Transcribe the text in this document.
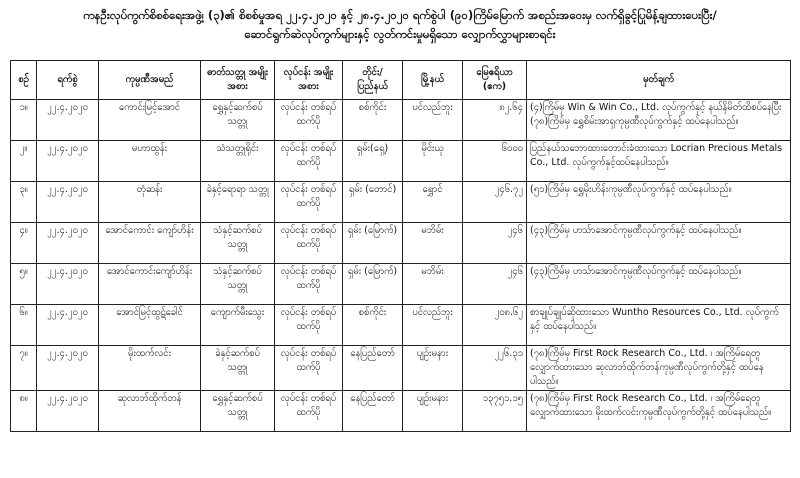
ကနဦးလုပ်ကွက်စိစစ်ရေးအဖွဲ့၊ (၃)၏ စိစစ်မှုအရ ၂၂.၄.၂၀၂၀ နှင့် ၂၈.၄.၂၀၂၀ ရက်စွဲပါ (၉၀)ကြိမ်မြောက် အစည်းအဝေးမှ လက်ရှိခွင့်ပြုမိန့်ချထားပေးပြီး/
ဆောင်ရွက်ဆဲလုပ်ကွက်များနှင့် လွတ်ကင်းမှုမရှိသော လျှောက်လွှာများစာရင်း
စဉ်	ရက်စွဲ	ကုမ္ပဏီအမည်	ဓာတ်သတ္တု အမျိုးအစား	လုပ်ငန်း အမျိုးအစား	တိုင်း/ ပြည်နယ်	မြို့နယ်	မြေဧရိယာ (ဧက)	မှတ်ချက်
၁။	၂၂.၄.၂၀၂၀	ကောင်းမြင့်အောင်	ရွှေနှင့်ဆက်စပ် သတ္တု	လုပ်ငန်း တစ်ရပ်ထက်ပို	စစ်ကိုင်း	ပင်လည်ဘူး	၈၂.၆၄	(၄)ကြိမ်မှ Win & Win Co., Ltd. လုပ်ကွက်နှင့် နယ်နိမိတ်ထိစပ်နေပြီး (၇၈)ကြိမ်မှ ရွှေစိမ်းအာရှကုမ္ပဏီလုပ်ကွက်နှင့် ထပ်နေပါသည်။
၂။	၂၂.၄.၂၀၂၀	မဟာထွန်း	သံသတ္တုရိုင်း	လုပ်ငန်း တစ်ရပ်ထက်ပို	ရှမ်း(ရှေ့)	မိုင်းယု	၆၀၀၀	ပြည်နယ်သဘောထားတောင်းခံထားသော Locrian Precious Metals Co., Ltd. လုပ်ကွက်နှင့်ထပ်နေပါသည်။
၃။	၂၂.၄.၂၀၂၀	တုံဆန်း	ခဲနှင့်ရောရာ သတ္တု	လုပ်ငန်း တစ်ရပ်ထက်ပို	ရှမ်း (တောင်)	ရွှောင်	၂၄၆.၇၂	(၅၁)ကြိမ်မှ ရွှေမိုးဟိန်းကုမ္ပဏီလုပ်ကွက်နှင့် ထပ်နေပါသည်။
၄။	၂၂.၄.၂၀၂၀	အောင်ကောင်း ကျော်ဟိန်း	သံနှင့်ဆက်စပ် သတ္တု	လုပ်ငန်း တစ်ရပ်ထက်ပို	ရှမ်း (မြောက်)	မဘိမ်း	၂၄၆	(၄၃)ကြိမ်မှ ဟသ်ာအောင်ကုမ္ပဏီလုပ်ကွက်နှင့် ထပ်နေပါသည်။
၅။	၂၂.၄.၂၀၂၀	အောင်ကောင်းကျော်ဟိန်း	သံနှင့်ဆက်စပ် သတ္တု	လုပ်ငန်း တစ်ရပ်ထက်ပို	ရှမ်း (မြောက်)	မဘိမ်း	၂၄၆	(၄၃)ကြိမ်မှ ဟသ်ာအောင်ကုမ္ပဏီလုပ်ကွက်နှင့် ထပ်နေပါသည်။
၆။	၂၂.၄.၂၀၂၀	အောင်မြင့်ထွဋ်ခေါင်	ကျောက်မီးသွေး	လုပ်ငန်း တစ်ရပ်ထက်ပို	စစ်ကိုင်း	ပင်လည်ဘူး	၂၀၈.၆၂	စာချုပ်ချုပ်ဆိုထားသော Wuntho Resources Co., Ltd. လုပ်ကွက်နှင့် ထပ်နေပါသည်။
၇။	၂၂.၄.၂၀၂၀	မိုးထက်လင်း	ခဲနှင့်ဆက်စပ် သတ္တု	လုပ်ငန်း တစ်ရပ်ထက်ပို	နေပြည်တော်	ပျဉ်းမနား	၂၂၆.၃၁	(၇၈)ကြိမ်မှ First Rock Research Co., Ltd. ၊ အကြိမ်ရေတူ လျှောက်ထားသော ဆုလာဘ်ထိုက်တန်ကုမ္ပဏီလုပ်ကွက်တို့နှင့် ထပ်နေပါသည်။
၈။	၂၂.၄.၂၀၂၀	ဆုလာဘ်ထိုက်တန်	ရွှေနှင့်ဆက်စပ် သတ္တု	လုပ်ငန်း တစ်ရပ်ထက်ပို	နေပြည်တော်	ပျဉ်းမနား	၁၃၇၅၁.၁၅	(၇၈)ကြိမ်မှ First Rock Research Co., Ltd. ၊ အကြိမ်ရေတူ လျှောက်ထားသော မိုးထက်လင်းကုမ္ပဏီလုပ်ကွက်တို့နှင့် ထပ်နေပါသည်။
